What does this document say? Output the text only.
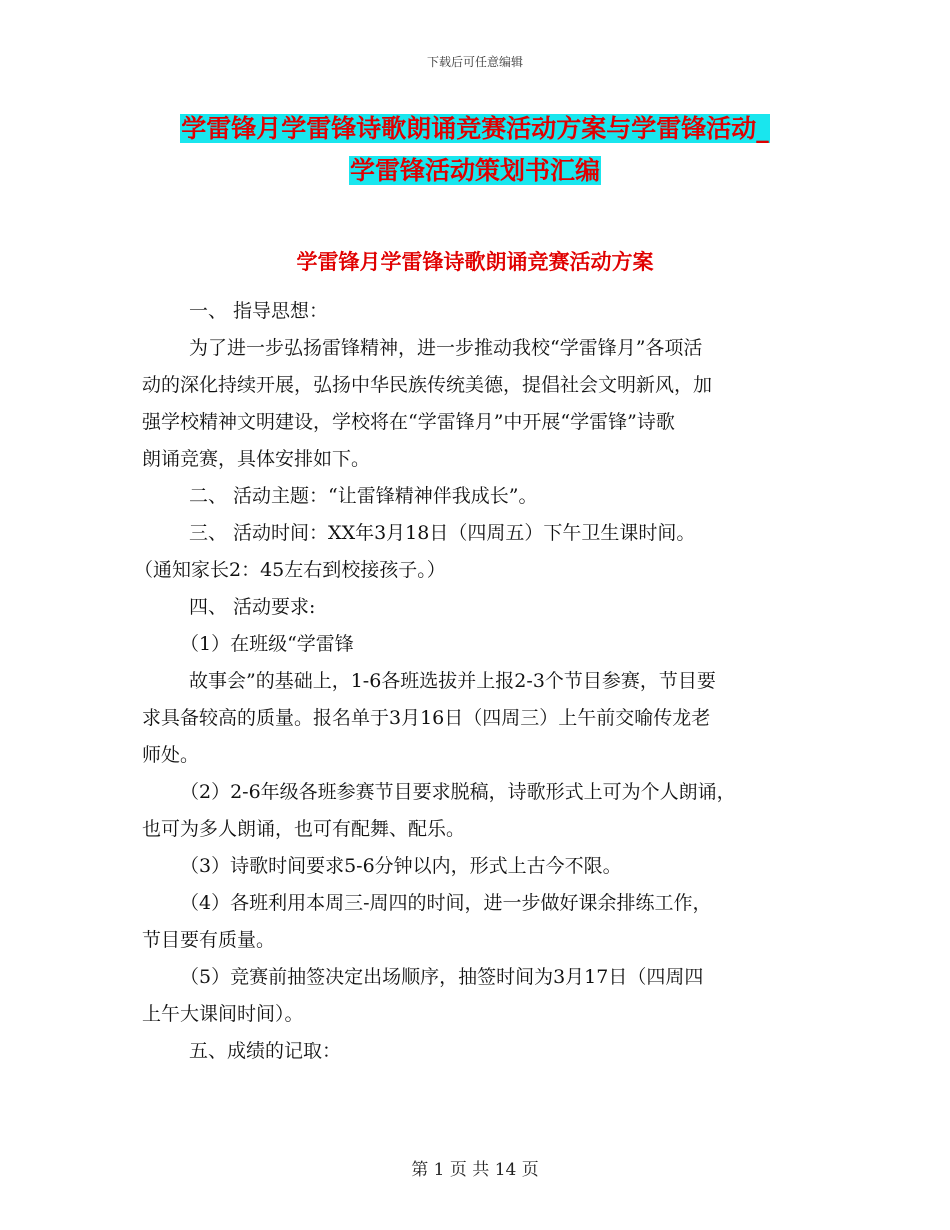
下载后可任意编辑
学雷锋月学雷锋诗歌朗诵竞赛活动方案与学雷锋活动_
学雷锋活动策划书汇编
学雷锋月学雷锋诗歌朗诵竞赛活动方案
一、 指导思想：
为了进一步弘扬雷锋精神，进一步推动我校“学雷锋月”各项活
动的深化持续开展，弘扬中华民族传统美德，提倡社会文明新风，加
强学校精神文明建设，学校将在“学雷锋月”中开展“学雷锋”诗歌
朗诵竞赛，具体安排如下。
二、 活动主题：“让雷锋精神伴我成长”。
三、 活动时间：XX年3月18日（四周五）下午卫生课时间。
（通知家长2：45左右到校接孩子。）
四、 活动要求:
（1）在班级“学雷锋
故事会”的基础上，1-6各班选拔并上报2-3个节目参赛，节目要
求具备较高的质量。报名单于3月16日（四周三）上午前交喻传龙老
师处。
（2）2-6年级各班参赛节目要求脱稿，诗歌形式上可为个人朗诵，
也可为多人朗诵，也可有配舞、配乐。
（3）诗歌时间要求5-6分钟以内，形式上古今不限。
（4）各班利用本周三-周四的时间，进一步做好课余排练工作，
节目要有质量。
（5）竞赛前抽签决定出场顺序，抽签时间为3月17日（四周四
上午大课间时间）。
五、成绩的记取：
第 1 页 共 14 页
